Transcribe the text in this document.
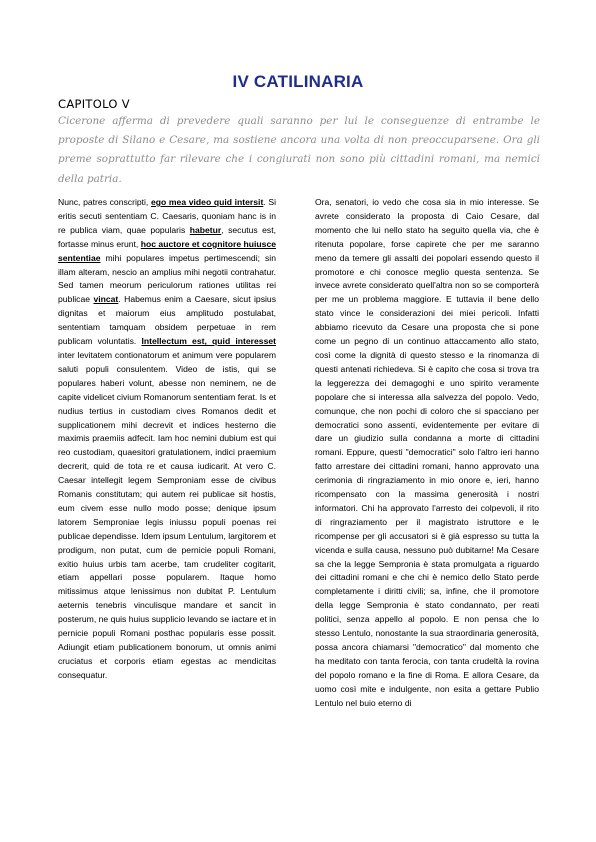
IV CATILINARIA

CAPITOLO V

Cicerone afferma di prevedere quali saranno per lui le conseguenze di entrambe le proposte di Silano e Cesare, ma sostiene ancora una volta di non preoccuparsene. Ora gli preme soprattutto far rilevare che i congiurati non sono più cittadini romani, ma nemici della patria.

Nunc, patres conscripti, ego mea video quid intersit. Si eritis secuti sententiam C. Caesaris, quoniam hanc is in re publica viam, quae popularis habetur, secutus est, fortasse minus erunt, hoc auctore et cognitore huiusce sententiae mihi populares impetus pertimescendi; sin illam alteram, nescio an amplius mihi negotii contrahatur. Sed tamen meorum periculorum rationes utilitas rei publicae vincat. Habemus enim a Caesare, sicut ipsius dignitas et maiorum eius amplitudo postulabat, sententiam tamquam obsidem perpetuae in rem publicam voluntatis. Intellectum est, quid interesset inter levitatem contionatorum et animum vere popularem saluti populi consulentem. Video de istis, qui se populares haberi volunt, abesse non neminem, ne de capite videlicet civium Romanorum sententiam ferat. Is et nudius tertius in custodiam cives Romanos dedit et supplicationem mihi decrevit et indices hesterno die maximis praemiis adfecit. Iam hoc nemini dubium est qui reo custodiam, quaesitori gratulationem, indici praemium decrerit, quid de tota re et causa iudicarit. At vero C. Caesar intellegit legem Semproniam esse de civibus Romanis constitutam; qui autem rei publicae sit hostis, eum civem esse nullo modo posse; denique ipsum latorem Semproniae legis iniussu populi poenas rei publicae dependisse. Idem ipsum Lentulum, largitorem et prodigum, non putat, cum de pernicie populi Romani, exitio huius urbis tam acerbe, tam crudeliter cogitarit, etiam appellari posse popularem. Itaque homo mitissimus atque lenissimus non dubitat P. Lentulum aeternis tenebris vinculisque mandare et sancit in posterum, ne quis huius supplicio levando se iactare et in pernicie populi Romani posthac popularis esse possit. Adiungit etiam publicationem bonorum, ut omnis animi cruciatus et corporis etiam egestas ac mendicitas consequatur.

Ora, senatori, io vedo che cosa sia in mio interesse. Se avrete considerato la proposta di Caio Cesare, dal momento che lui nello stato ha seguito quella via, che è ritenuta popolare, forse capirete che per me saranno meno da temere gli assalti dei popolari essendo questo il promotore e chi conosce meglio questa sentenza. Se invece avrete considerato quell'altra non so se comporterà per me un problema maggiore. E tuttavia il bene dello stato vince le considerazioni dei miei pericoli. Infatti abbiamo ricevuto da Cesare una proposta che si pone come un pegno di un continuo attaccamento allo stato, così come la dignità di questo stesso e la rinomanza di questi antenati richiedeva. Si è capito che cosa si trova tra la leggerezza dei demagoghi e uno spirito veramente popolare che si interessa alla salvezza del popolo. Vedo, comunque, che non pochi di coloro che si spacciano per democratici sono assenti, evidentemente per evitare di dare un giudizio sulla condanna a morte di cittadini romani. Eppure, questi "democratici" solo l'altro ieri hanno fatto arrestare dei cittadini romani, hanno approvato una cerimonia di ringraziamento in mio onore e, ieri, hanno ricompensato con la massima generosità i nostri informatori. Chi ha approvato l'arresto dei colpevoli, il rito di ringraziamento per il magistrato istruttore e le ricompense per gli accusatori si è già espresso su tutta la vicenda e sulla causa, nessuno può dubitarne! Ma Cesare sa che la legge Sempronia è stata promulgata a riguardo dei cittadini romani e che chi è nemico dello Stato perde completamente i diritti civili; sa, infine, che il promotore della legge Sempronia è stato condannato, per reati politici, senza appello al popolo. E non pensa che lo stesso Lentulo, nonostante la sua straordinaria generosità, possa ancora chiamarsi "democratico" dal momento che ha meditato con tanta ferocia, con tanta crudeltà la rovina del popolo romano e la fine di Roma. E allora Cesare, da uomo così mite e indulgente, non esita a gettare Publio Lentulo nel buio eterno di
